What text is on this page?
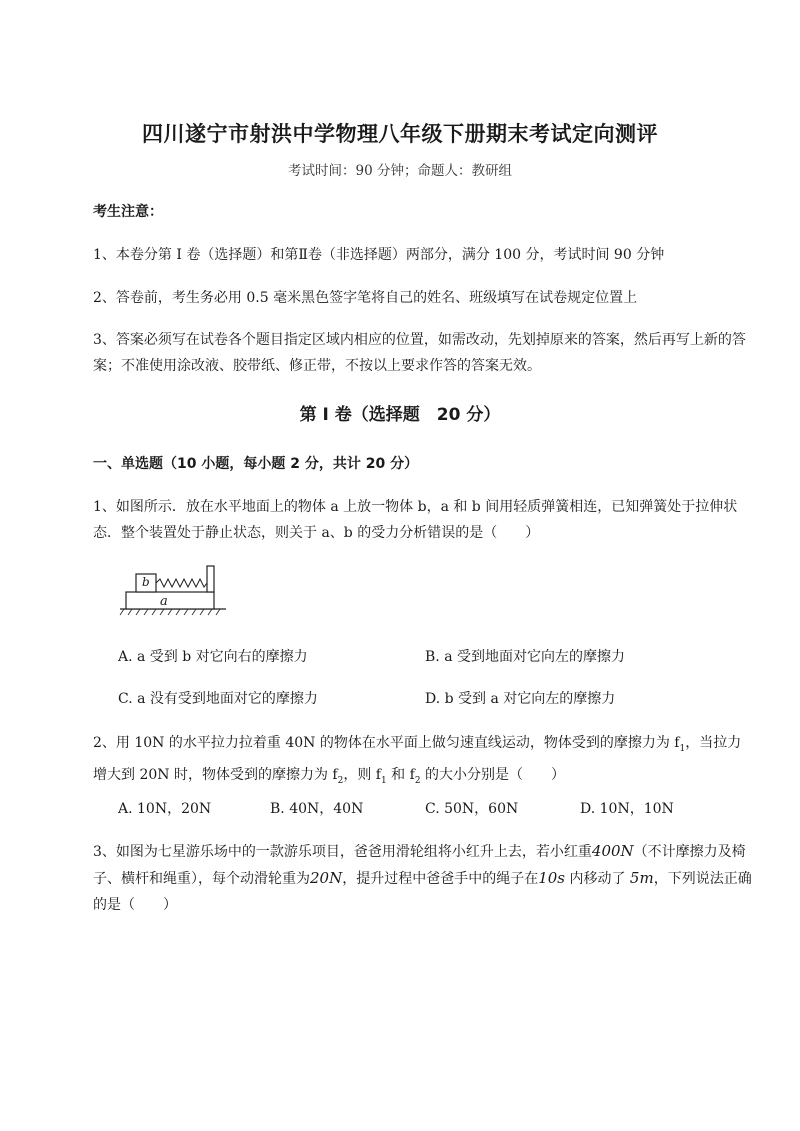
四川遂宁市射洪中学物理八年级下册期末考试定向测评
考试时间：90 分钟；命题人：教研组
考生注意：
1、本卷分第 I 卷（选择题）和第Ⅱ卷（非选择题）两部分，满分 100 分，考试时间 90 分钟
2、答卷前，考生务必用 0.5 毫米黑色签字笔将自己的姓名、班级填写在试卷规定位置上
3、答案必须写在试卷各个题目指定区域内相应的位置，如需改动，先划掉原来的答案，然后再写上新的答案；不准使用涂改液、胶带纸、修正带，不按以上要求作答的答案无效。
第 I 卷（选择题　20 分）
一、单选题（10 小题，每小题 2 分，共计 20 分）
1、如图所示．放在水平地面上的物体 a 上放一物体 b，a 和 b 间用轻质弹簧相连，已知弹簧处于拉伸状态．整个装置处于静止状态，则关于 a、b 的受力分析错误的是（　　）
b
a
A. a 受到 b 对它向右的摩擦力	B. a 受到地面对它向左的摩擦力
C. a 没有受到地面对它的摩擦力	D. b 受到 a 对它向左的摩擦力
2、用 10N 的水平拉力拉着重 40N 的物体在水平面上做匀速直线运动，物体受到的摩擦力为 $f_1$，当拉力增大到 20N 时，物体受到的摩擦力为 $f_2$，则 $f_1$ 和 $f_2$ 的大小分别是（　　）
A. 10N，20N	B. 40N，40N	C. 50N，60N	D. 10N，10N
3、如图为七星游乐场中的一款游乐项目，爸爸用滑轮组将小红升上去，若小红重400N（不计摩擦力及椅子、横杆和绳重），每个动滑轮重为20N，提升过程中爸爸手中的绳子在10s 内移动了 5m，下列说法正确的是（　　）
